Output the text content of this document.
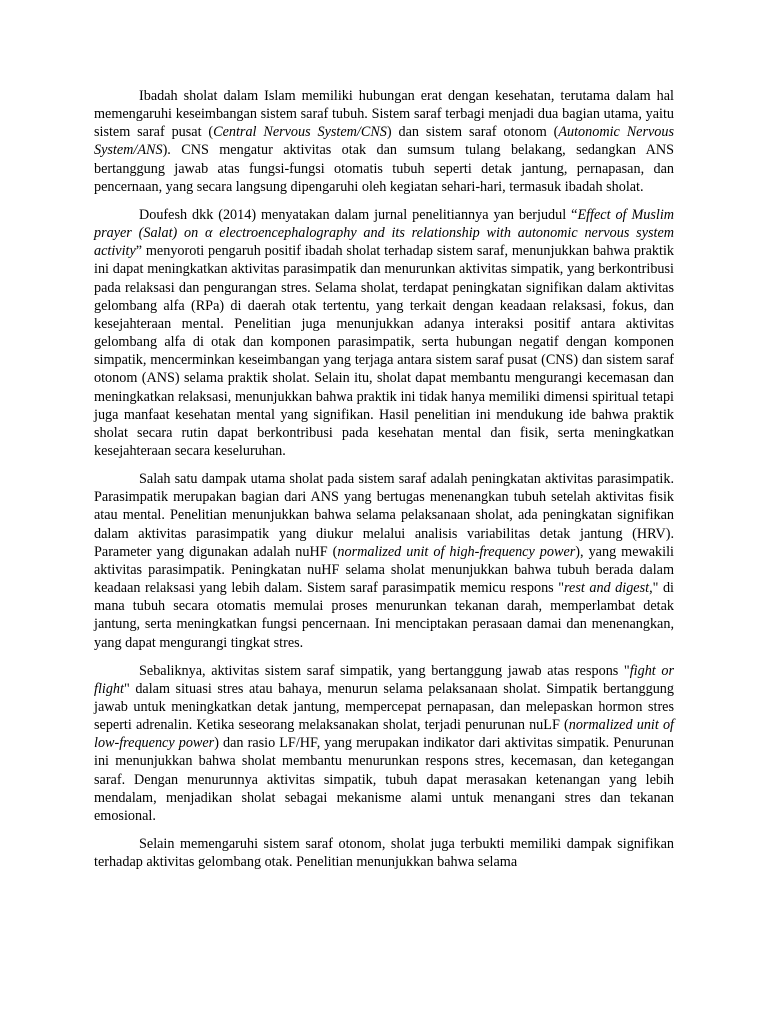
Ibadah sholat dalam Islam memiliki hubungan erat dengan kesehatan, terutama dalam hal memengaruhi keseimbangan sistem saraf tubuh. Sistem saraf terbagi menjadi dua bagian utama, yaitu sistem saraf pusat (Central Nervous System/CNS) dan sistem saraf otonom (Autonomic Nervous System/ANS). CNS mengatur aktivitas otak dan sumsum tulang belakang, sedangkan ANS bertanggung jawab atas fungsi-fungsi otomatis tubuh seperti detak jantung, pernapasan, dan pencernaan, yang secara langsung dipengaruhi oleh kegiatan sehari-hari, termasuk ibadah sholat.

Doufesh dkk (2014) menyatakan dalam jurnal penelitiannya yan berjudul “Effect of Muslim prayer (Salat) on α electroencephalography and its relationship with autonomic nervous system activity” menyoroti pengaruh positif ibadah sholat terhadap sistem saraf, menunjukkan bahwa praktik ini dapat meningkatkan aktivitas parasimpatik dan menurunkan aktivitas simpatik, yang berkontribusi pada relaksasi dan pengurangan stres. Selama sholat, terdapat peningkatan signifikan dalam aktivitas gelombang alfa (RPa) di daerah otak tertentu, yang terkait dengan keadaan relaksasi, fokus, dan kesejahteraan mental. Penelitian juga menunjukkan adanya interaksi positif antara aktivitas gelombang alfa di otak dan komponen parasimpatik, serta hubungan negatif dengan komponen simpatik, mencerminkan keseimbangan yang terjaga antara sistem saraf pusat (CNS) dan sistem saraf otonom (ANS) selama praktik sholat. Selain itu, sholat dapat membantu mengurangi kecemasan dan meningkatkan relaksasi, menunjukkan bahwa praktik ini tidak hanya memiliki dimensi spiritual tetapi juga manfaat kesehatan mental yang signifikan. Hasil penelitian ini mendukung ide bahwa praktik sholat secara rutin dapat berkontribusi pada kesehatan mental dan fisik, serta meningkatkan kesejahteraan secara keseluruhan.

Salah satu dampak utama sholat pada sistem saraf adalah peningkatan aktivitas parasimpatik. Parasimpatik merupakan bagian dari ANS yang bertugas menenangkan tubuh setelah aktivitas fisik atau mental. Penelitian menunjukkan bahwa selama pelaksanaan sholat, ada peningkatan signifikan dalam aktivitas parasimpatik yang diukur melalui analisis variabilitas detak jantung (HRV). Parameter yang digunakan adalah nuHF (normalized unit of high-frequency power), yang mewakili aktivitas parasimpatik. Peningkatan nuHF selama sholat menunjukkan bahwa tubuh berada dalam keadaan relaksasi yang lebih dalam. Sistem saraf parasimpatik memicu respons "rest and digest," di mana tubuh secara otomatis memulai proses menurunkan tekanan darah, memperlambat detak jantung, serta meningkatkan fungsi pencernaan. Ini menciptakan perasaan damai dan menenangkan, yang dapat mengurangi tingkat stres.

Sebaliknya, aktivitas sistem saraf simpatik, yang bertanggung jawab atas respons "fight or flight" dalam situasi stres atau bahaya, menurun selama pelaksanaan sholat. Simpatik bertanggung jawab untuk meningkatkan detak jantung, mempercepat pernapasan, dan melepaskan hormon stres seperti adrenalin. Ketika seseorang melaksanakan sholat, terjadi penurunan nuLF (normalized unit of low-frequency power) dan rasio LF/HF, yang merupakan indikator dari aktivitas simpatik. Penurunan ini menunjukkan bahwa sholat membantu menurunkan respons stres, kecemasan, dan ketegangan saraf. Dengan menurunnya aktivitas simpatik, tubuh dapat merasakan ketenangan yang lebih mendalam, menjadikan sholat sebagai mekanisme alami untuk menangani stres dan tekanan emosional.

Selain memengaruhi sistem saraf otonom, sholat juga terbukti memiliki dampak signifikan terhadap aktivitas gelombang otak. Penelitian menunjukkan bahwa selama
